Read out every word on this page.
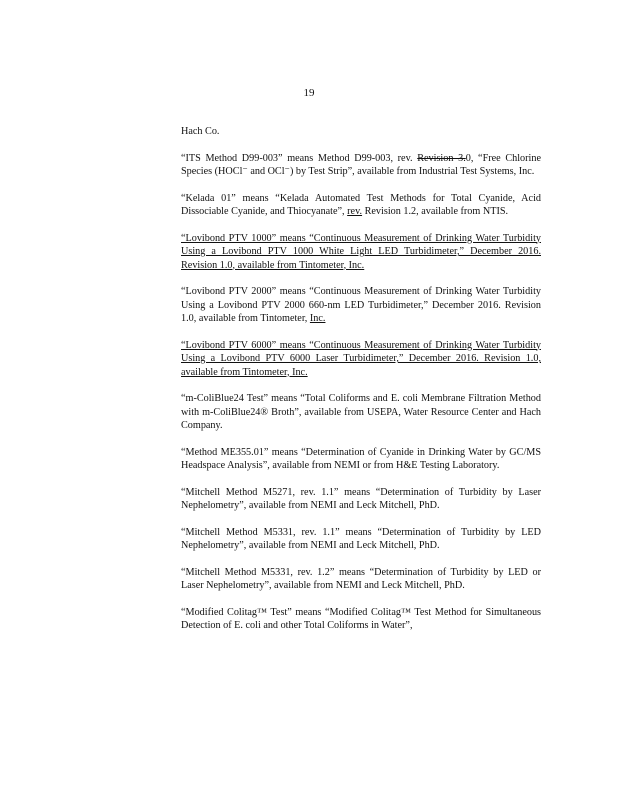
19

Hach Co.

“ITS Method D99-003” means Method D99-003, rev. Revision 3.0, “Free Chlorine Species (HOCl⁻ and OCl⁻) by Test Strip”, available from Industrial Test Systems, Inc.

“Kelada 01” means “Kelada Automated Test Methods for Total Cyanide, Acid Dissociable Cyanide, and Thiocyanate”, rev. Revision 1.2, available from NTIS.

“Lovibond PTV 1000” means “Continuous Measurement of Drinking Water Turbidity Using a Lovibond PTV 1000 White Light LED Turbidimeter,” December 2016. Revision 1.0, available from Tintometer, Inc.

“Lovibond PTV 2000” means “Continuous Measurement of Drinking Water Turbidity Using a Lovibond PTV 2000 660-nm LED Turbidimeter,” December 2016. Revision 1.0, available from Tintometer, Inc.

“Lovibond PTV 6000” means “Continuous Measurement of Drinking Water Turbidity Using a Lovibond PTV 6000 Laser Turbidimeter,” December 2016. Revision 1.0, available from Tintometer, Inc.

“m-ColiBlue24 Test” means “Total Coliforms and E. coli Membrane Filtration Method with m-ColiBlue24® Broth”, available from USEPA, Water Resource Center and Hach Company.

“Method ME355.01” means “Determination of Cyanide in Drinking Water by GC/MS Headspace Analysis”, available from NEMI or from H&E Testing Laboratory.

“Mitchell Method M5271, rev. 1.1” means “Determination of Turbidity by Laser Nephelometry”, available from NEMI and Leck Mitchell, PhD.

“Mitchell Method M5331, rev. 1.1” means “Determination of Turbidity by LED Nephelometry”, available from NEMI and Leck Mitchell, PhD.

“Mitchell Method M5331, rev. 1.2” means “Determination of Turbidity by LED or Laser Nephelometry”, available from NEMI and Leck Mitchell, PhD.

“Modified Colitag™ Test” means “Modified Colitag™ Test Method for Simultaneous Detection of E. coli and other Total Coliforms in Water”,
